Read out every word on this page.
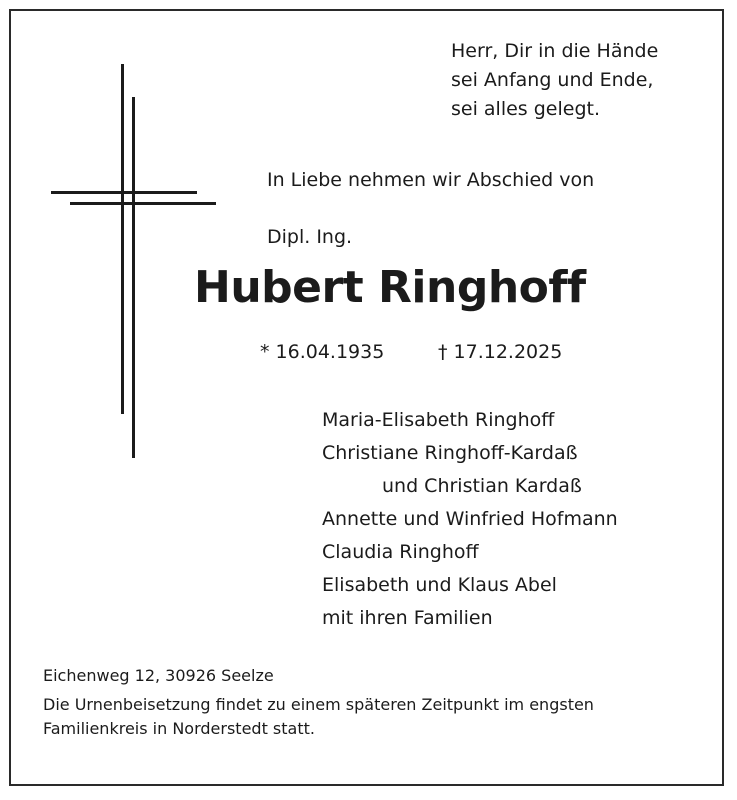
Herr, Dir in die Hände
sei Anfang und Ende,
sei alles gelegt.
In Liebe nehmen wir Abschied von
Dipl. Ing.
Hubert Ringhoff
* 16.04.1935	† 17.12.2025
Maria-Elisabeth Ringhoff
Christiane Ringhoff-Kardaß
und Christian Kardaß
Annette und Winfried Hofmann
Claudia Ringhoff
Elisabeth und Klaus Abel
mit ihren Familien
Eichenweg 12, 30926 Seelze
Die Urnenbeisetzung findet zu einem späteren Zeitpunkt im engsten
Familienkreis in Norderstedt statt.
